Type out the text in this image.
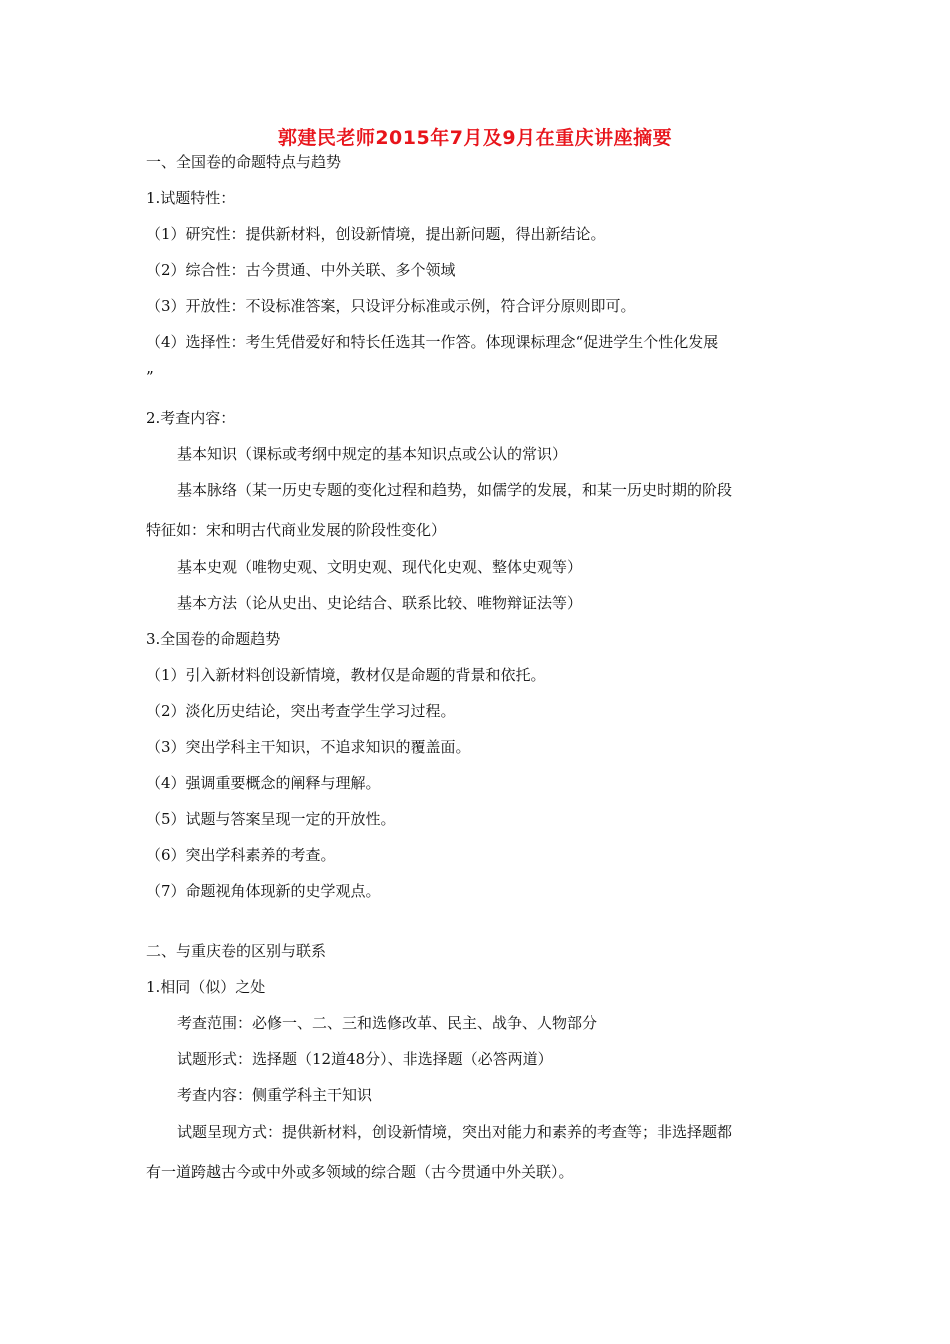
郭建民老师2015年7月及9月在重庆讲座摘要
一、全国卷的命题特点与趋势
1.试题特性：
（1）研究性：提供新材料，创设新情境，提出新问题，得出新结论。
（2）综合性：古今贯通、中外关联、多个领域
（3）开放性：不设标准答案，只设评分标准或示例，符合评分原则即可。
（4）选择性：考生凭借爱好和特长任选其一作答。体现课标理念“促进学生个性化发展
”
2.考查内容：
基本知识（课标或考纲中规定的基本知识点或公认的常识）
基本脉络（某一历史专题的变化过程和趋势，如儒学的发展，和某一历史时期的阶段
特征如：宋和明古代商业发展的阶段性变化）
基本史观（唯物史观、文明史观、现代化史观、整体史观等）
基本方法（论从史出、史论结合、联系比较、唯物辩证法等）
3.全国卷的命题趋势
（1）引入新材料创设新情境，教材仅是命题的背景和依托。
（2）淡化历史结论，突出考查学生学习过程。
（3）突出学科主干知识，不追求知识的覆盖面。
（4）强调重要概念的阐释与理解。
（5）试题与答案呈现一定的开放性。
（6）突出学科素养的考查。
（7）命题视角体现新的史学观点。
二、与重庆卷的区别与联系
1.相同（似）之处
考查范围：必修一、二、三和选修改革、民主、战争、人物部分
试题形式：选择题（12道48分）、非选择题（必答两道）
考查内容：侧重学科主干知识
试题呈现方式：提供新材料，创设新情境，突出对能力和素养的考查等；非选择题都
有一道跨越古今或中外或多领域的综合题（古今贯通中外关联）。
